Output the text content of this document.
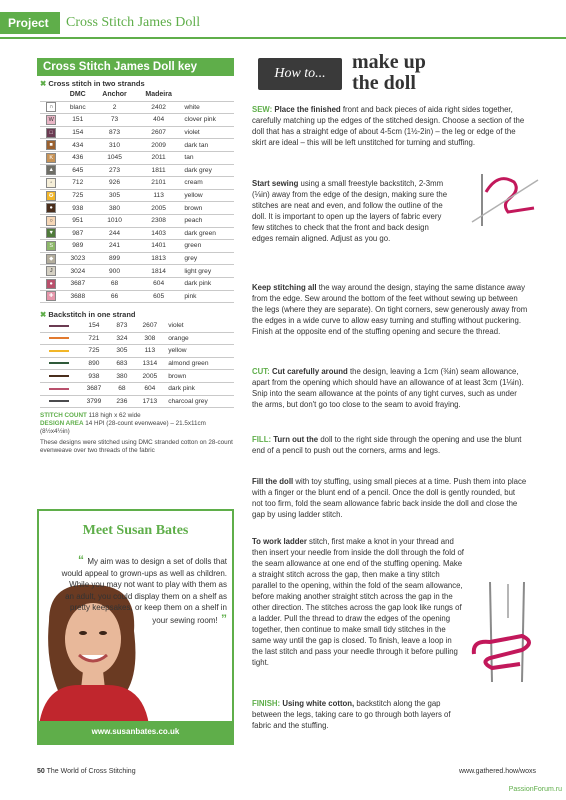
Project	Cross Stitch James Doll
Cross Stitch James Doll key
✖ Cross stitch in two strands
	DMC	Anchor	Madeira	
∩	blanc	2	2402	white
W	151	73	404	clover pink
□	154	873	2607	violet
■	434	310	2009	dark tan
K	436	1045	2011	tan
▲	645	273	1811	dark grey
◦	712	926	2101	cream
✪	725	305	113	yellow
●	938	380	2005	brown
○	951	1010	2308	peach
▼	987	244	1403	dark green
S	989	241	1401	green
◆	3023	899	1813	grey
J	3024	900	1814	light grey
●	3687	68	604	dark pink
✚	3688	66	605	pink
✖ Backstitch in one strand
	154	873	2607	violet
	721	324	308	orange
	725	305	113	yellow
	890	683	1314	almond green
	938	380	2005	brown
	3687	68	604	dark pink
	3799	236	1713	charcoal grey
STITCH COUNT 118 high x 62 wide
DESIGN AREA 14 HPI (28-count evenweave) – 21.5x11cm (8½x4½in)
These designs were stitched using DMC stranded cotton on 28-count evenweave over two threads of the fabric
Meet Susan Bates
“ My aim was to design a set of dolls that would appeal to grown-ups as well as children. While you may not want to play with them as an adult, you could display them on a shelf as pretty keepsakes, or keep them on a shelf in your sewing room! ”
www.susanbates.co.uk
How to...
make up
the doll
SEW: Place the finished front and back pieces of aida right sides together, carefully matching up the edges of the stitched design. Choose a section of the doll that has a straight edge of about 4-5cm (1½-2in) – the leg or edge of the skirt are ideal – this will be left unstitched for turning and stuffing.
Start sewing using a small freestyle backstitch, 2-3mm (⅛in) away from the edge of the design, making sure the stitches are neat and even, and follow the outline of the doll. It is important to open up the layers of fabric every few stitches to check that the front and back design edges remain aligned. Adjust as you go.
Keep stitching all the way around the design, staying the same distance away from the edge. Sew around the bottom of the feet without sewing up between the legs (where they are separate). On tight corners, sew generously away from the edges in a wide curve to allow easy turning and stuffing without puckering. Finish at the opposite end of the stuffing opening and secure the thread.
CUT: Cut carefully around the design, leaving a 1cm (⅜in) seam allowance, apart from the opening which should have an allowance of at least 3cm (1⅛in). Snip into the seam allowance at the points of any tight curves, such as under the arms, but don't go too close to the seam to avoid fraying.
FILL: Turn out the doll to the right side through the opening and use the blunt end of a pencil to push out the corners, arms and legs.
Fill the doll with toy stuffing, using small pieces at a time. Push them into place with a finger or the blunt end of a pencil. Once the doll is gently rounded, but not too firm, fold the seam allowance fabric back inside the doll and close the gap by using ladder stitch.
To work ladder stitch, first make a knot in your thread and then insert your needle from inside the doll through the fold of the seam allowance at one end of the stuffing opening. Make a straight stitch across the gap, then make a tiny stitch parallel to the opening, within the fold of the seam allowance, before making another straight stitch across the gap in the other direction. The stitches across the gap look like rungs of a ladder. Pull the thread to draw the edges of the opening together, then continue to make small tidy stitches in the same way until the gap is closed. To finish, leave a loop in the last stitch and pass your needle through it before pulling tight.
FINISH: Using white cotton, backstitch along the gap between the legs, taking care to go through both layers of fabric and the stuffing.
50 The World of Cross Stitching	www.gathered.how/woxs
PassionForum.ru
